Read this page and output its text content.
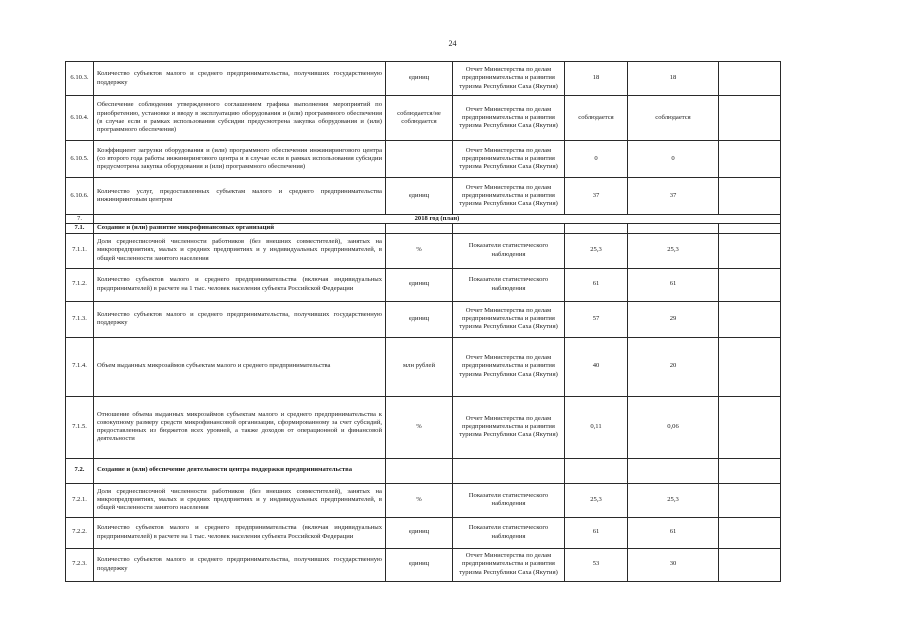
24
6.10.3.	Количество субъектов малого и среднего предпринимательства, получивших государственную поддержку	единиц	Отчет Министерства по делам предпринимательства и развития туризма Республики Саха (Якутия)	18	18	
6.10.4.	Обеспечение соблюдения утвержденного соглашением графика выполнения мероприятий по приобретению, установке и вводу в эксплуатацию оборудования и (или) программного обеспечения (в случае если в рамках использования субсидии предусмотрена закупка оборудования и (или) программного обеспечения)	соблюдается/не соблюдается	Отчет Министерства по делам предпринимательства и развития туризма Республики Саха (Якутия)	соблюдается	соблюдается	
6.10.5.	Коэффициент загрузки оборудования и (или) программного обеспечения инжинирингового центра (со второго года работы инжинирингового центра и в случае если в рамках использования субсидии предусмотрена закупка оборудования и (или) программного обеспечения)		Отчет Министерства по делам предпринимательства и развития туризма Республики Саха (Якутия)	0	0	
6.10.6.	Количество услуг, предоставленных субъектам малого и среднего предпринимательства инжиниринговым центром	единиц	Отчет Министерства по делам предпринимательства и развития туризма Республики Саха (Якутия)	37	37	
7.	2018 год (план)					
7.1.	Создание и (или) развитие микрофинансовых организаций					
7.1.1.	Доля среднесписочной численности работников (без внешних совместителей), занятых на микропредприятиях, малых и средних предприятиях и у индивидуальных предпринимателей, в общей численности занятого населения	%	Показатели статистического наблюдения	25,3	25,3	
7.1.2.	Количество субъектов малого и среднего предпринимательства (включая индивидуальных предпринимателей) в расчете на 1 тыс. человек населения субъекта Российской Федерации	единиц	Показатели статистического наблюдения	61	61	
7.1.3.	Количество субъектов малого и среднего предпринимательства, получивших государственную поддержку	единиц	Отчет Министерства по делам предпринимательства и развития туризма Республики Саха (Якутия)	57	29	
7.1.4.	Объем выданных микрозаймов субъектам малого и среднего предпринимательства	млн рублей	Отчет Министерства по делам предпринимательства и развития туризма Республики Саха (Якутия)	40	20	
7.1.5.	Отношение объема выданных микрозаймов субъектам малого и среднего предпринимательства к совокупному размеру средств микрофинансовой организации, сформированному за счет субсидий, предоставленных из бюджетов всех уровней, а также доходов от операционной и финансовой деятельности	%	Отчет Министерства по делам предпринимательства и развития туризма Республики Саха (Якутия)	0,11	0,06	
7.2.	Создание и (или) обеспечение деятельности центра поддержки предпринимательства					
7.2.1.	Доля среднесписочной численности работников (без внешних совместителей), занятых на микропредприятиях, малых и средних предприятиях и у индивидуальных предпринимателей, в общей численности занятого населения	%	Показатели статистического наблюдения	25,3	25,3	
7.2.2.	Количество субъектов малого и среднего предпринимательства (включая индивидуальных предпринимателей) в расчете на 1 тыс. человек населения субъекта Российской Федерации	единиц	Показатели статистического наблюдения	61	61	
7.2.3.	Количество субъектов малого и среднего предпринимательства, получивших государственную поддержку	единиц	Отчет Министерства по делам предпринимательства и развития туризма Республики Саха (Якутия)	53	30	
